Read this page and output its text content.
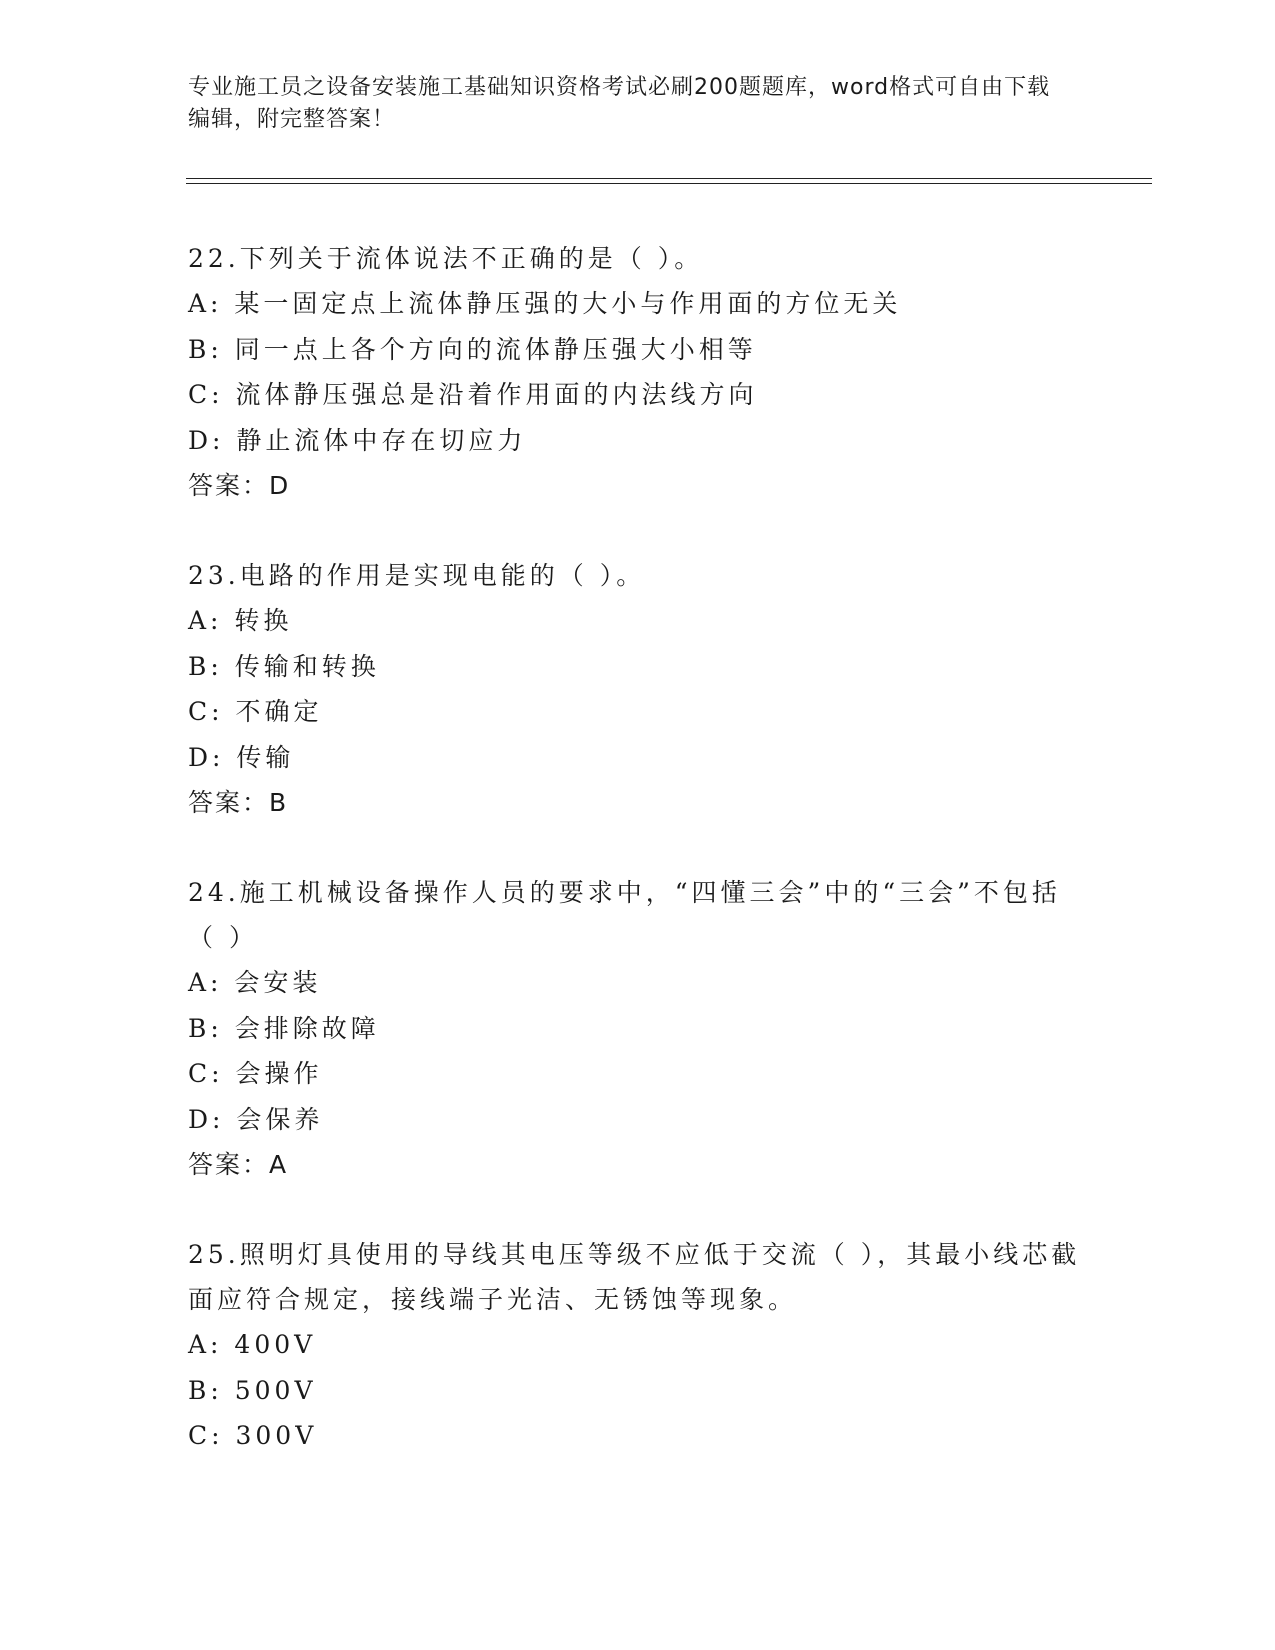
专业施工员之设备安装施工基础知识资格考试必刷200题题库，word格式可自由下载编辑，附完整答案！
22.下列关于流体说法不正确的是（ ）。
A: 某一固定点上流体静压强的大小与作用面的方位无关
B: 同一点上各个方向的流体静压强大小相等
C: 流体静压强总是沿着作用面的内法线方向
D: 静止流体中存在切应力
答案：D
23.电路的作用是实现电能的（ ）。
A: 转换
B: 传输和转换
C: 不确定
D: 传输
答案：B
24.施工机械设备操作人员的要求中，“四懂三会”中的“三会”不包括（ ）
A: 会安装
B: 会排除故障
C: 会操作
D: 会保养
答案：A
25.照明灯具使用的导线其电压等级不应低于交流（ ），其最小线芯截面应符合规定，接线端子光洁、无锈蚀等现象。
A: 400V
B: 500V
C: 300V
